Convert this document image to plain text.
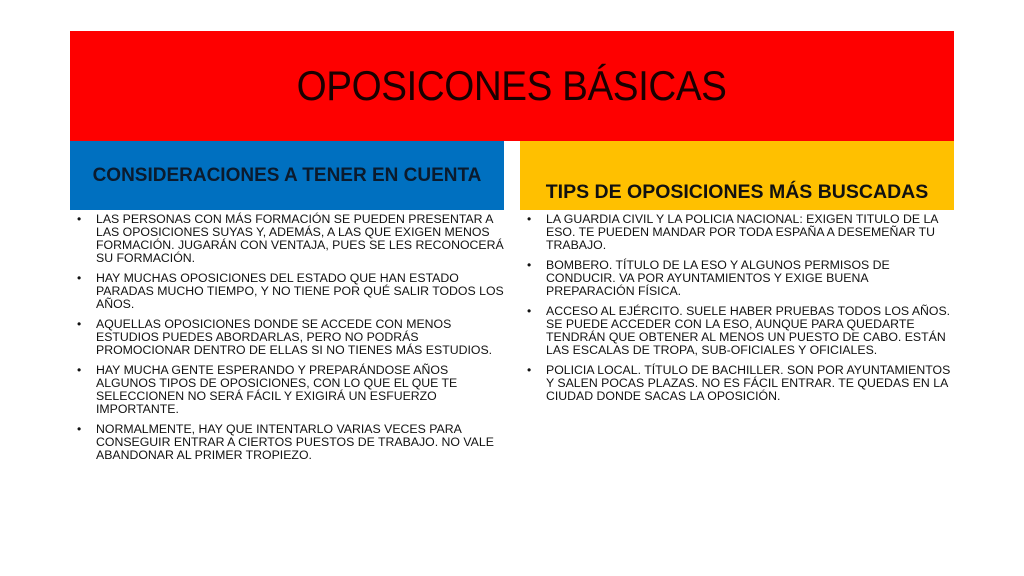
OPOSICONES BÁSICAS
CONSIDERACIONES A TENER EN CUENTA
TIPS DE OPOSICIONES MÁS BUSCADAS
• LAS PERSONAS CON MÁS FORMACIÓN SE PUEDEN PRESENTAR A LAS OPOSICIONES SUYAS Y, ADEMÁS, A LAS QUE EXIGEN MENOS FORMACIÓN. JUGARÁN CON VENTAJA, PUES SE LES RECONOCERÁ SU FORMACIÓN.
• HAY MUCHAS OPOSICIONES DEL ESTADO QUE HAN ESTADO PARADAS MUCHO TIEMPO, Y NO TIENE POR QUÉ SALIR TODOS LOS AÑOS.
• AQUELLAS OPOSICIONES DONDE SE ACCEDE CON MENOS ESTUDIOS PUEDES ABORDARLAS, PERO NO PODRÁS PROMOCIONAR DENTRO DE ELLAS SI NO TIENES MÁS ESTUDIOS.
• HAY MUCHA GENTE ESPERANDO Y PREPARÁNDOSE AÑOS ALGUNOS TIPOS DE OPOSICIONES, CON LO QUE EL QUE TE SELECCIONEN NO SERÁ FÁCIL Y EXIGIRÁ UN ESFUERZO IMPORTANTE.
• NORMALMENTE, HAY QUE INTENTARLO VARIAS VECES PARA CONSEGUIR ENTRAR A CIERTOS PUESTOS DE TRABAJO. NO VALE ABANDONAR AL PRIMER TROPIEZO.
• LA GUARDIA CIVIL Y LA POLICIA NACIONAL: EXIGEN TITULO DE LA ESO. TE PUEDEN MANDAR POR TODA ESPAÑA A DESEMEÑAR TU TRABAJO.
• BOMBERO. TÍTULO DE LA ESO Y ALGUNOS PERMISOS DE CONDUCIR. VA POR AYUNTAMIENTOS Y EXIGE BUENA PREPARACIÓN FÍSICA.
• ACCESO AL EJÉRCITO. SUELE HABER PRUEBAS TODOS LOS AÑOS. SE PUEDE ACCEDER CON LA ESO, AUNQUE PARA QUEDARTE TENDRÁN QUE OBTENER AL MENOS UN PUESTO DE CABO. ESTÁN LAS ESCALAS DE TROPA, SUB-OFICIALES Y OFICIALES.
• POLICIA LOCAL. TÍTULO DE BACHILLER. SON POR AYUNTAMIENTOS Y SALEN POCAS PLAZAS. NO ES FÁCIL ENTRAR. TE QUEDAS EN LA CIUDAD DONDE SACAS LA OPOSICIÓN.
